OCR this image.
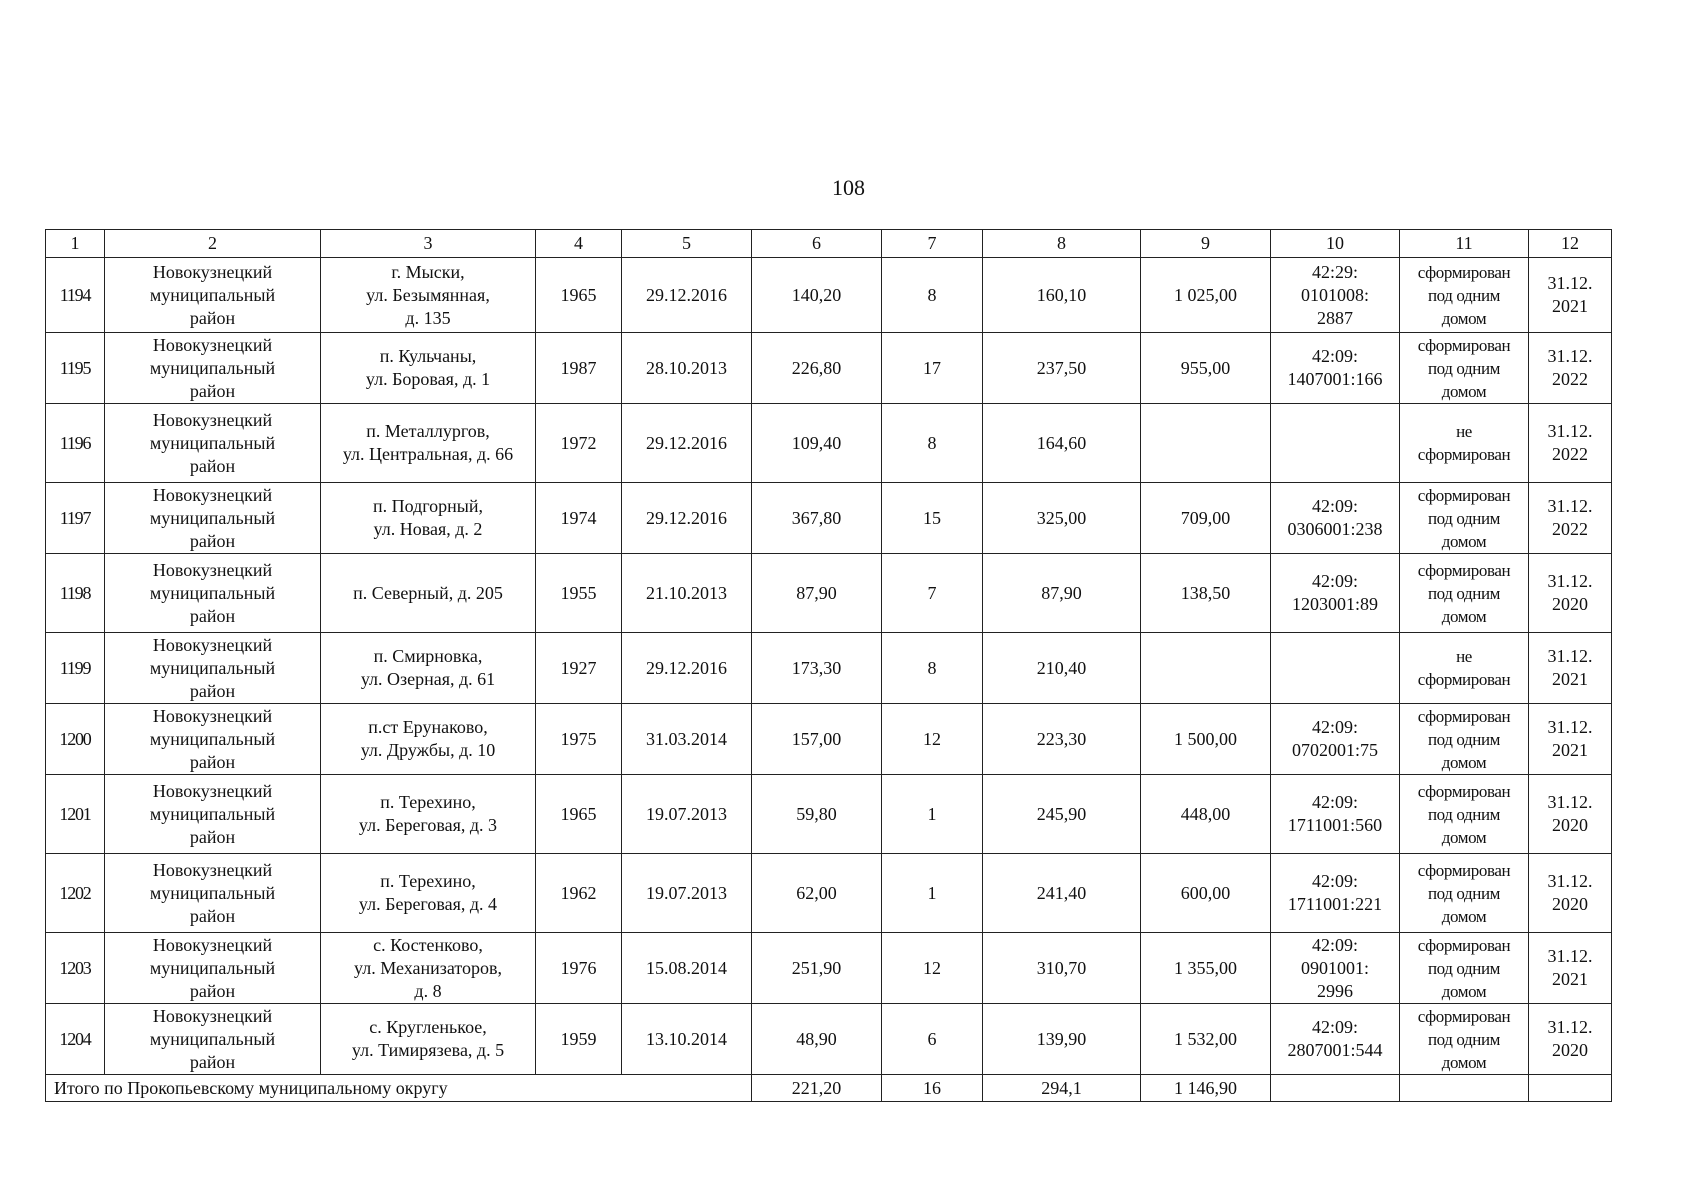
108
1	2	3	4	5	6	7	8	9	10	11	12
1194	Новокузнецкий
муниципальный
район	г. Мыски,
ул. Безымянная,
д. 135	1965	29.12.2016	140,20	8	160,10	1 025,00	42:29:
0101008:
2887	сформирован
под одним
домом	31.12.
2021

1195	Новокузнецкий
муниципальный
район	п. Кульчаны,
ул. Боровая, д. 1	1987	28.10.2013	226,80	17	237,50	955,00	42:09:
1407001:166	сформирован
под одним
домом	31.12.
2022

1196	Новокузнецкий
муниципальный
район	п. Металлургов,
ул. Центральная, д. 66	1972	29.12.2016	109,40	8	164,60			не
сформирован	31.12.
2022

1197	Новокузнецкий
муниципальный
район	п. Подгорный,
ул. Новая, д. 2	1974	29.12.2016	367,80	15	325,00	709,00	42:09:
0306001:238	сформирован
под одним
домом	31.12.
2022

1198	Новокузнецкий
муниципальный
район	п. Северный, д. 205	1955	21.10.2013	87,90	7	87,90	138,50	42:09:
1203001:89	сформирован
под одним
домом	31.12.
2020

1199	Новокузнецкий
муниципальный
район	п. Смирновка,
ул. Озерная, д. 61	1927	29.12.2016	173,30	8	210,40			не
сформирован	31.12.
2021

1200	Новокузнецкий
муниципальный
район	п.ст Ерунаково,
ул. Дружбы, д. 10	1975	31.03.2014	157,00	12	223,30	1 500,00	42:09:
0702001:75	сформирован
под одним
домом	31.12.
2021

1201	Новокузнецкий
муниципальный
район	п. Терехино,
ул. Береговая, д. 3	1965	19.07.2013	59,80	1	245,90	448,00	42:09:
1711001:560	сформирован
под одним
домом	31.12.
2020

1202	Новокузнецкий
муниципальный
район	п. Терехино,
ул. Береговая, д. 4	1962	19.07.2013	62,00	1	241,40	600,00	42:09:
1711001:221	сформирован
под одним
домом	31.12.
2020

1203	Новокузнецкий
муниципальный
район	с. Костенково,
ул. Механизаторов,
д. 8	1976	15.08.2014	251,90	12	310,70	1 355,00	42:09:
0901001:
2996	сформирован
под одним
домом	31.12.
2021

1204	Новокузнецкий
муниципальный
район	с. Кругленькое,
ул. Тимирязева, д. 5	1959	13.10.2014	48,90	6	139,90	1 532,00	42:09:
2807001:544	сформирован
под одним
домом	31.12.
2020

Итого по Прокопьевскому муниципальному округу					221,20	16	294,1	1 146,90			
